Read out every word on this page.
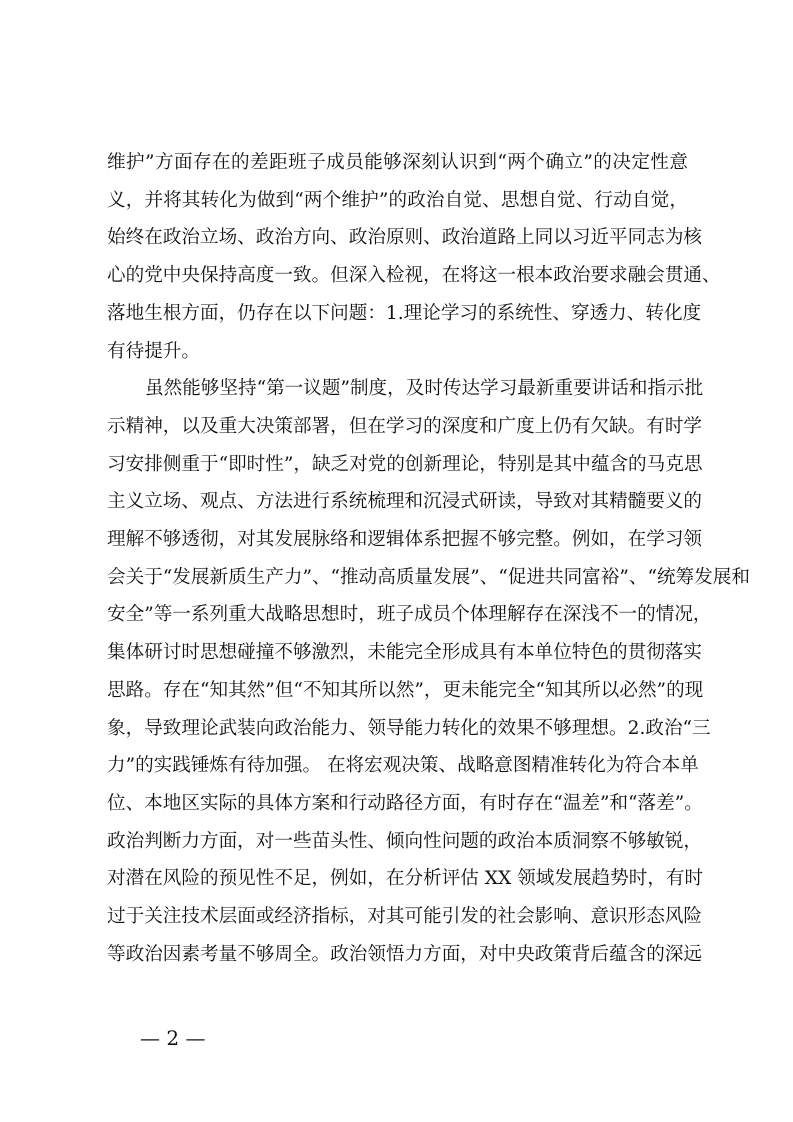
— 2 —
维护”方面存在的差距班子成员能够深刻认识到“两个确立”的决定性意
义，并将其转化为做到“两个维护”的政治自觉、思想自觉、行动自觉，
始终在政治立场、政治方向、政治原则、政治道路上同以习近平同志为核
心的党中央保持高度一致。但深入检视，在将这一根本政治要求融会贯通、
落地生根方面，仍存在以下问题：1.理论学习的系统性、穿透力、转化度
有待提升。
虽然能够坚持“第一议题”制度，及时传达学习最新重要讲话和指示批
示精神，以及重大决策部署，但在学习的深度和广度上仍有欠缺。有时学
习安排侧重于“即时性”，缺乏对党的创新理论，特别是其中蕴含的马克思
主义立场、观点、方法进行系统梳理和沉浸式研读，导致对其精髓要义的
理解不够透彻，对其发展脉络和逻辑体系把握不够完整。例如，在学习领
会关于“发展新质生产力”、“推动高质量发展”、“促进共同富裕”、“统筹发展和
安全”等一系列重大战略思想时，班子成员个体理解存在深浅不一的情况，
集体研讨时思想碰撞不够激烈，未能完全形成具有本单位特色的贯彻落实
思路。存在“知其然”但“不知其所以然”，更未能完全“知其所以必然”的现
象，导致理论武装向政治能力、领导能力转化的效果不够理想。2.政治“三
力”的实践锤炼有待加强。 在将宏观决策、战略意图精准转化为符合本单
位、本地区实际的具体方案和行动路径方面，有时存在“温差”和“落差”。
政治判断力方面，对一些苗头性、倾向性问题的政治本质洞察不够敏锐，
对潜在风险的预见性不足，例如，在分析评估 XX 领域发展趋势时，有时
过于关注技术层面或经济指标，对其可能引发的社会影响、意识形态风险
等政治因素考量不够周全。政治领悟力方面，对中央政策背后蕴含的深远
